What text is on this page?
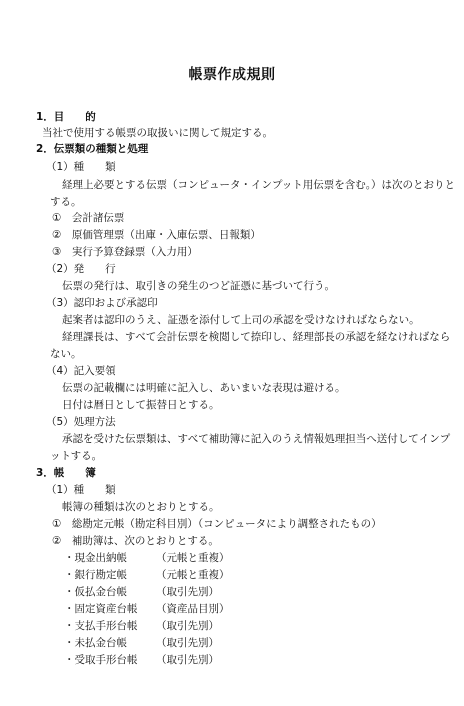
帳票作成規則
1．目　　的
当社で使用する帳票の取扱いに関して規定する。
2．伝票類の種類と処理
（1）種　　類
経理上必要とする伝票（コンピュータ・インプット用伝票を含む。）は次のとおりと
する。
①　会計諸伝票
②　原価管理票（出庫・入庫伝票、日報類）
③　実行予算登録票（入力用）
（2）発　　行
伝票の発行は、取引きの発生のつど証憑に基づいて行う。
（3）認印および承認印
起案者は認印のうえ、証憑を添付して上司の承認を受けなければならない。
経理課長は、すべて会計伝票を検閲して捺印し、経理部長の承認を経なければなら
ない。
（4）記入要領
伝票の記載欄には明確に記入し、あいまいな表現は避ける。
日付は暦日として振替日とする。
（5）処理方法
承認を受けた伝票類は、すべて補助簿に記入のうえ情報処理担当へ送付してインプ
ットする。
3．帳　　簿
（1）種　　類
帳簿の種類は次のとおりとする。
①　総勘定元帳（勘定科目別）（コンピュータにより調整されたもの）
②　補助簿は、次のとおりとする。
・現金出納帳	（元帳と重複）
・銀行勘定帳	（元帳と重複）
・仮払金台帳	（取引先別）
・固定資産台帳 （資産品目別）
・支払手形台帳 （取引先別）
・未払金台帳	（取引先別）
・受取手形台帳 （取引先別）
